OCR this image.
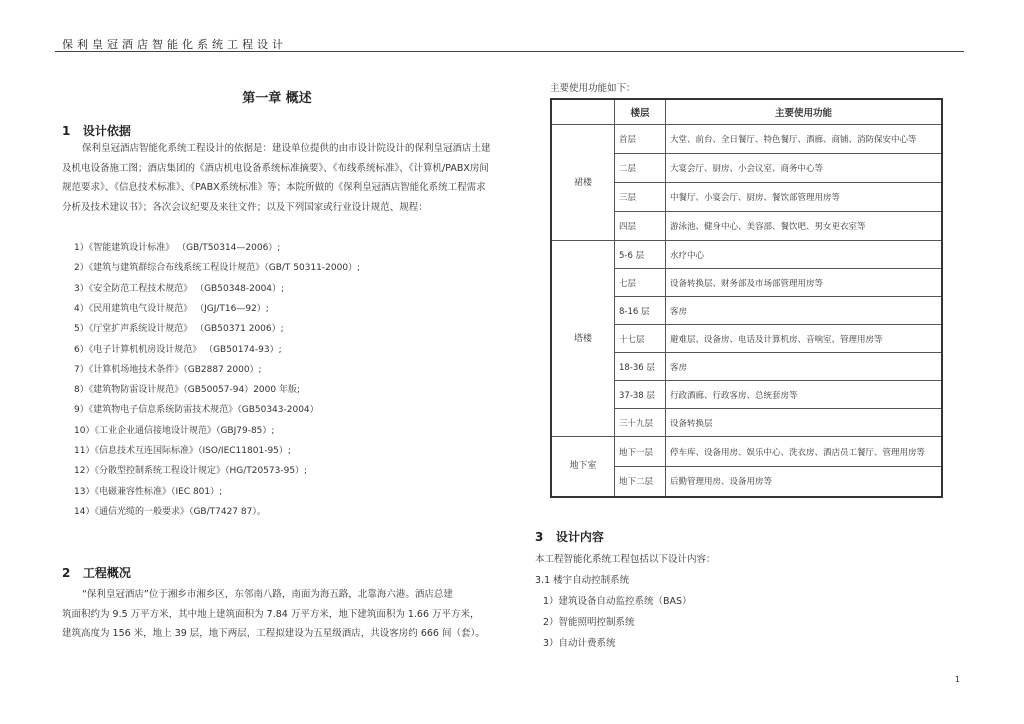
保利皇冠酒店智能化系统工程设计
第一章 概述
1 设计依据
保利皇冠酒店智能化系统工程设计的依据是：建设单位提供的由市设计院设计的保利皇冠酒店土建及机电设备施工图；酒店集团的《酒店机电设备系统标准摘要》、《布线系统标准》、《计算机/PABX房间规范要求》、《信息技术标准》、《PABX系统标准》等；本院所做的《保利皇冠酒店智能化系统工程需求分析及技术建议书》；各次会议纪要及来往文件；以及下列国家或行业设计规范、规程：
1）《智能建筑设计标准》 （GB/T50314—2006）;
2）《建筑与建筑群综合布线系统工程设计规范》（GB/T 50311-2000）;
3）《安全防范工程技术规范》 （GB50348-2004）;
4）《民用建筑电气设计规范》 （JGJ/T16—92）;
5）《厅堂扩声系统设计规范》 （GB50371 2006）;
6）《电子计算机机房设计规范》 （GB50174-93）;
7）《计算机场地技术条件》（GB2887 2000）;
8）《建筑物防雷设计规范》（GB50057-94）2000 年版;
9）《建筑物电子信息系统防雷技术规范》（GB50343-2004）
10）《工业企业通信接地设计规范》（GBJ79-85）;
11）《信息技术互连国际标准》（ISO/IEC11801-95）;
12）《分散型控制系统工程设计规定》（HG/T20573-95）;
13）《电磁兼容性标准》（IEC 801）;
14）《通信光缆的一般要求》（GB/T7427 87）。
2 工程概况
“保利皇冠酒店”位于湘乡市湘乡区，东邻南八路，南面为海五路，北靠海六港。酒店总建
筑面积约为 9.5 万平方米，其中地上建筑面积为 7.84 万平方米，地下建筑面积为 1.66 万平方米，
建筑高度为 156 米，地上 39 层，地下两层，工程拟建设为五星级酒店，共设客房约 666 间（套）。
主要使用功能如下：
	楼层	主要使用功能
裙楼	首层	大堂、前台、全日餐厅、特色餐厅、酒廊、商铺、消防保安中心等
	二层	大宴会厅、厨房、小会议室、商务中心等
	三层	中餐厅、小宴会厅、厨房、餐饮部管理用房等
	四层	游泳池、健身中心、美容部、餐饮吧、男女更衣室等
塔楼	5-6 层	水疗中心
	七层	设备转换层、财务部及市场部管理用房等
	8-16 层	客房
	十七层	避难层、设备房、电话及计算机房、音响室、管理用房等
	18-36 层	客房
	37-38 层	行政酒廊、行政客房、总统套房等
	三十九层	设备转换层
地下室	地下一层	停车库、设备用房、娱乐中心、洗衣房、酒店员工餐厅、管理用房等
	地下二层	后勤管理用房、设备用房等
3 设计内容
本工程智能化系统工程包括以下设计内容：
3.1 楼宇自动控制系统
1）建筑设备自动监控系统（BAS）
2）智能照明控制系统
3）自动计费系统
1
